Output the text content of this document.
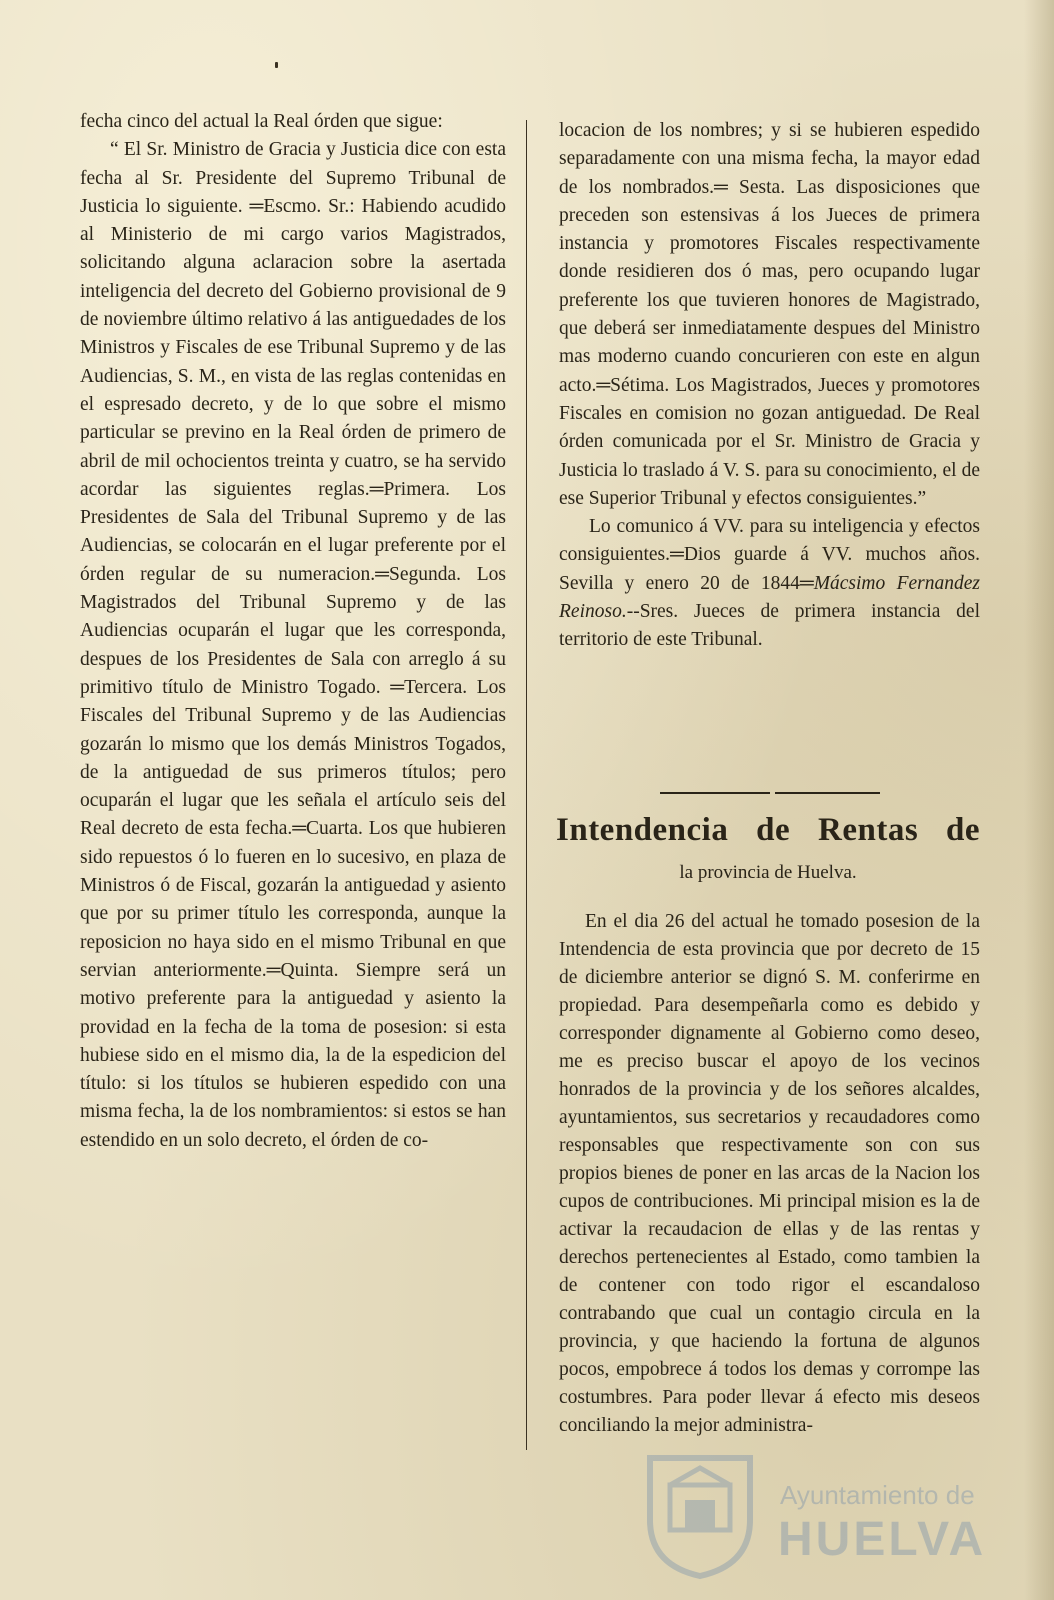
fecha cinco del actual la Real órden que sigue:

“ El Sr. Ministro de Gracia y Justicia dice con esta fecha al Sr. Presidente del Supremo Tribunal de Justicia lo siguiente. ═Escmo. Sr.: Habiendo acudido al Ministerio de mi cargo varios Magistrados, solicitando alguna aclaracion sobre la asertada inteligencia del decreto del Gobierno provisional de 9 de noviembre último relativo á las antiguedades de los Ministros y Fiscales de ese Tribunal Supremo y de las Audiencias, S. M., en vista de las reglas contenidas en el espresado decreto, y de lo que sobre el mismo particular se previno en la Real órden de primero de abril de mil ochocientos treinta y cuatro, se ha servido acordar las siguientes reglas.═Primera. Los Presidentes de Sala del Tribunal Supremo y de las Audiencias, se colocarán en el lugar preferente por el órden regular de su numeracion.═Segunda. Los Magistrados del Tribunal Supremo y de las Audiencias ocuparán el lugar que les corresponda, despues de los Presidentes de Sala con arreglo á su primitivo título de Ministro Togado. ═Tercera. Los Fiscales del Tribunal Supremo y de las Audiencias gozarán lo mismo que los demás Ministros Togados, de la antiguedad de sus primeros títulos; pero ocuparán el lugar que les señala el artículo seis del Real decreto de esta fecha.═Cuarta. Los que hubieren sido repuestos ó lo fueren en lo sucesivo, en plaza de Ministros ó de Fiscal, gozarán la antiguedad y asiento que por su primer título les corresponda, aunque la reposicion no haya sido en el mismo Tribunal en que servian anteriormente.═Quinta. Siempre será un motivo preferente para la antiguedad y asiento la providad en la fecha de la toma de posesion: si esta hubiese sido en el mismo dia, la de la espedicion del título: si los títulos se hubieren espedido con una misma fecha, la de los nombramientos: si estos se han estendido en un solo decreto, el órden de co-

locacion de los nombres; y si se hubieren espedido separadamente con una misma fecha, la mayor edad de los nombrados.═ Sesta. Las disposiciones que preceden son estensivas á los Jueces de primera instancia y promotores Fiscales respectivamente donde residieren dos ó mas, pero ocupando lugar preferente los que tuvieren honores de Magistrado, que deberá ser inmediatamente despues del Ministro mas moderno cuando concurieren con este en algun acto.═Sétima. Los Magistrados, Jueces y promotores Fiscales en comision no gozan antiguedad. De Real órden comunicada por el Sr. Ministro de Gracia y Justicia lo traslado á V. S. para su conocimiento, el de ese Superior Tribunal y efectos consiguientes.”

Lo comunico á VV. para su inteligencia y efectos consiguientes.═Dios guarde á VV. muchos años. Sevilla y enero 20 de 1844═Mácsimo Fernandez Reinoso.--Sres. Jueces de primera instancia del territorio de este Tribunal.

Intendencia de Rentas de

la provincia de Huelva.

En el dia 26 del actual he tomado posesion de la Intendencia de esta provincia que por decreto de 15 de diciembre anterior se dignó S. M. conferirme en propiedad. Para desempeñarla como es debido y corresponder dignamente al Gobierno como deseo, me es preciso buscar el apoyo de los vecinos honrados de la provincia y de los señores alcaldes, ayuntamientos, sus secretarios y recaudadores como responsables que respectivamente son con sus propios bienes de poner en las arcas de la Nacion los cupos de contribuciones. Mi principal mision es la de activar la recaudacion de ellas y de las rentas y derechos pertenecientes al Estado, como tambien la de contener con todo rigor el escandaloso contrabando que cual un contagio circula en la provincia, y que haciendo la fortuna de algunos pocos, empobrece á todos los demas y corrompe las costumbres. Para poder llevar á efecto mis deseos conciliando la mejor administra-

Ayuntamiento de
HUELVA
